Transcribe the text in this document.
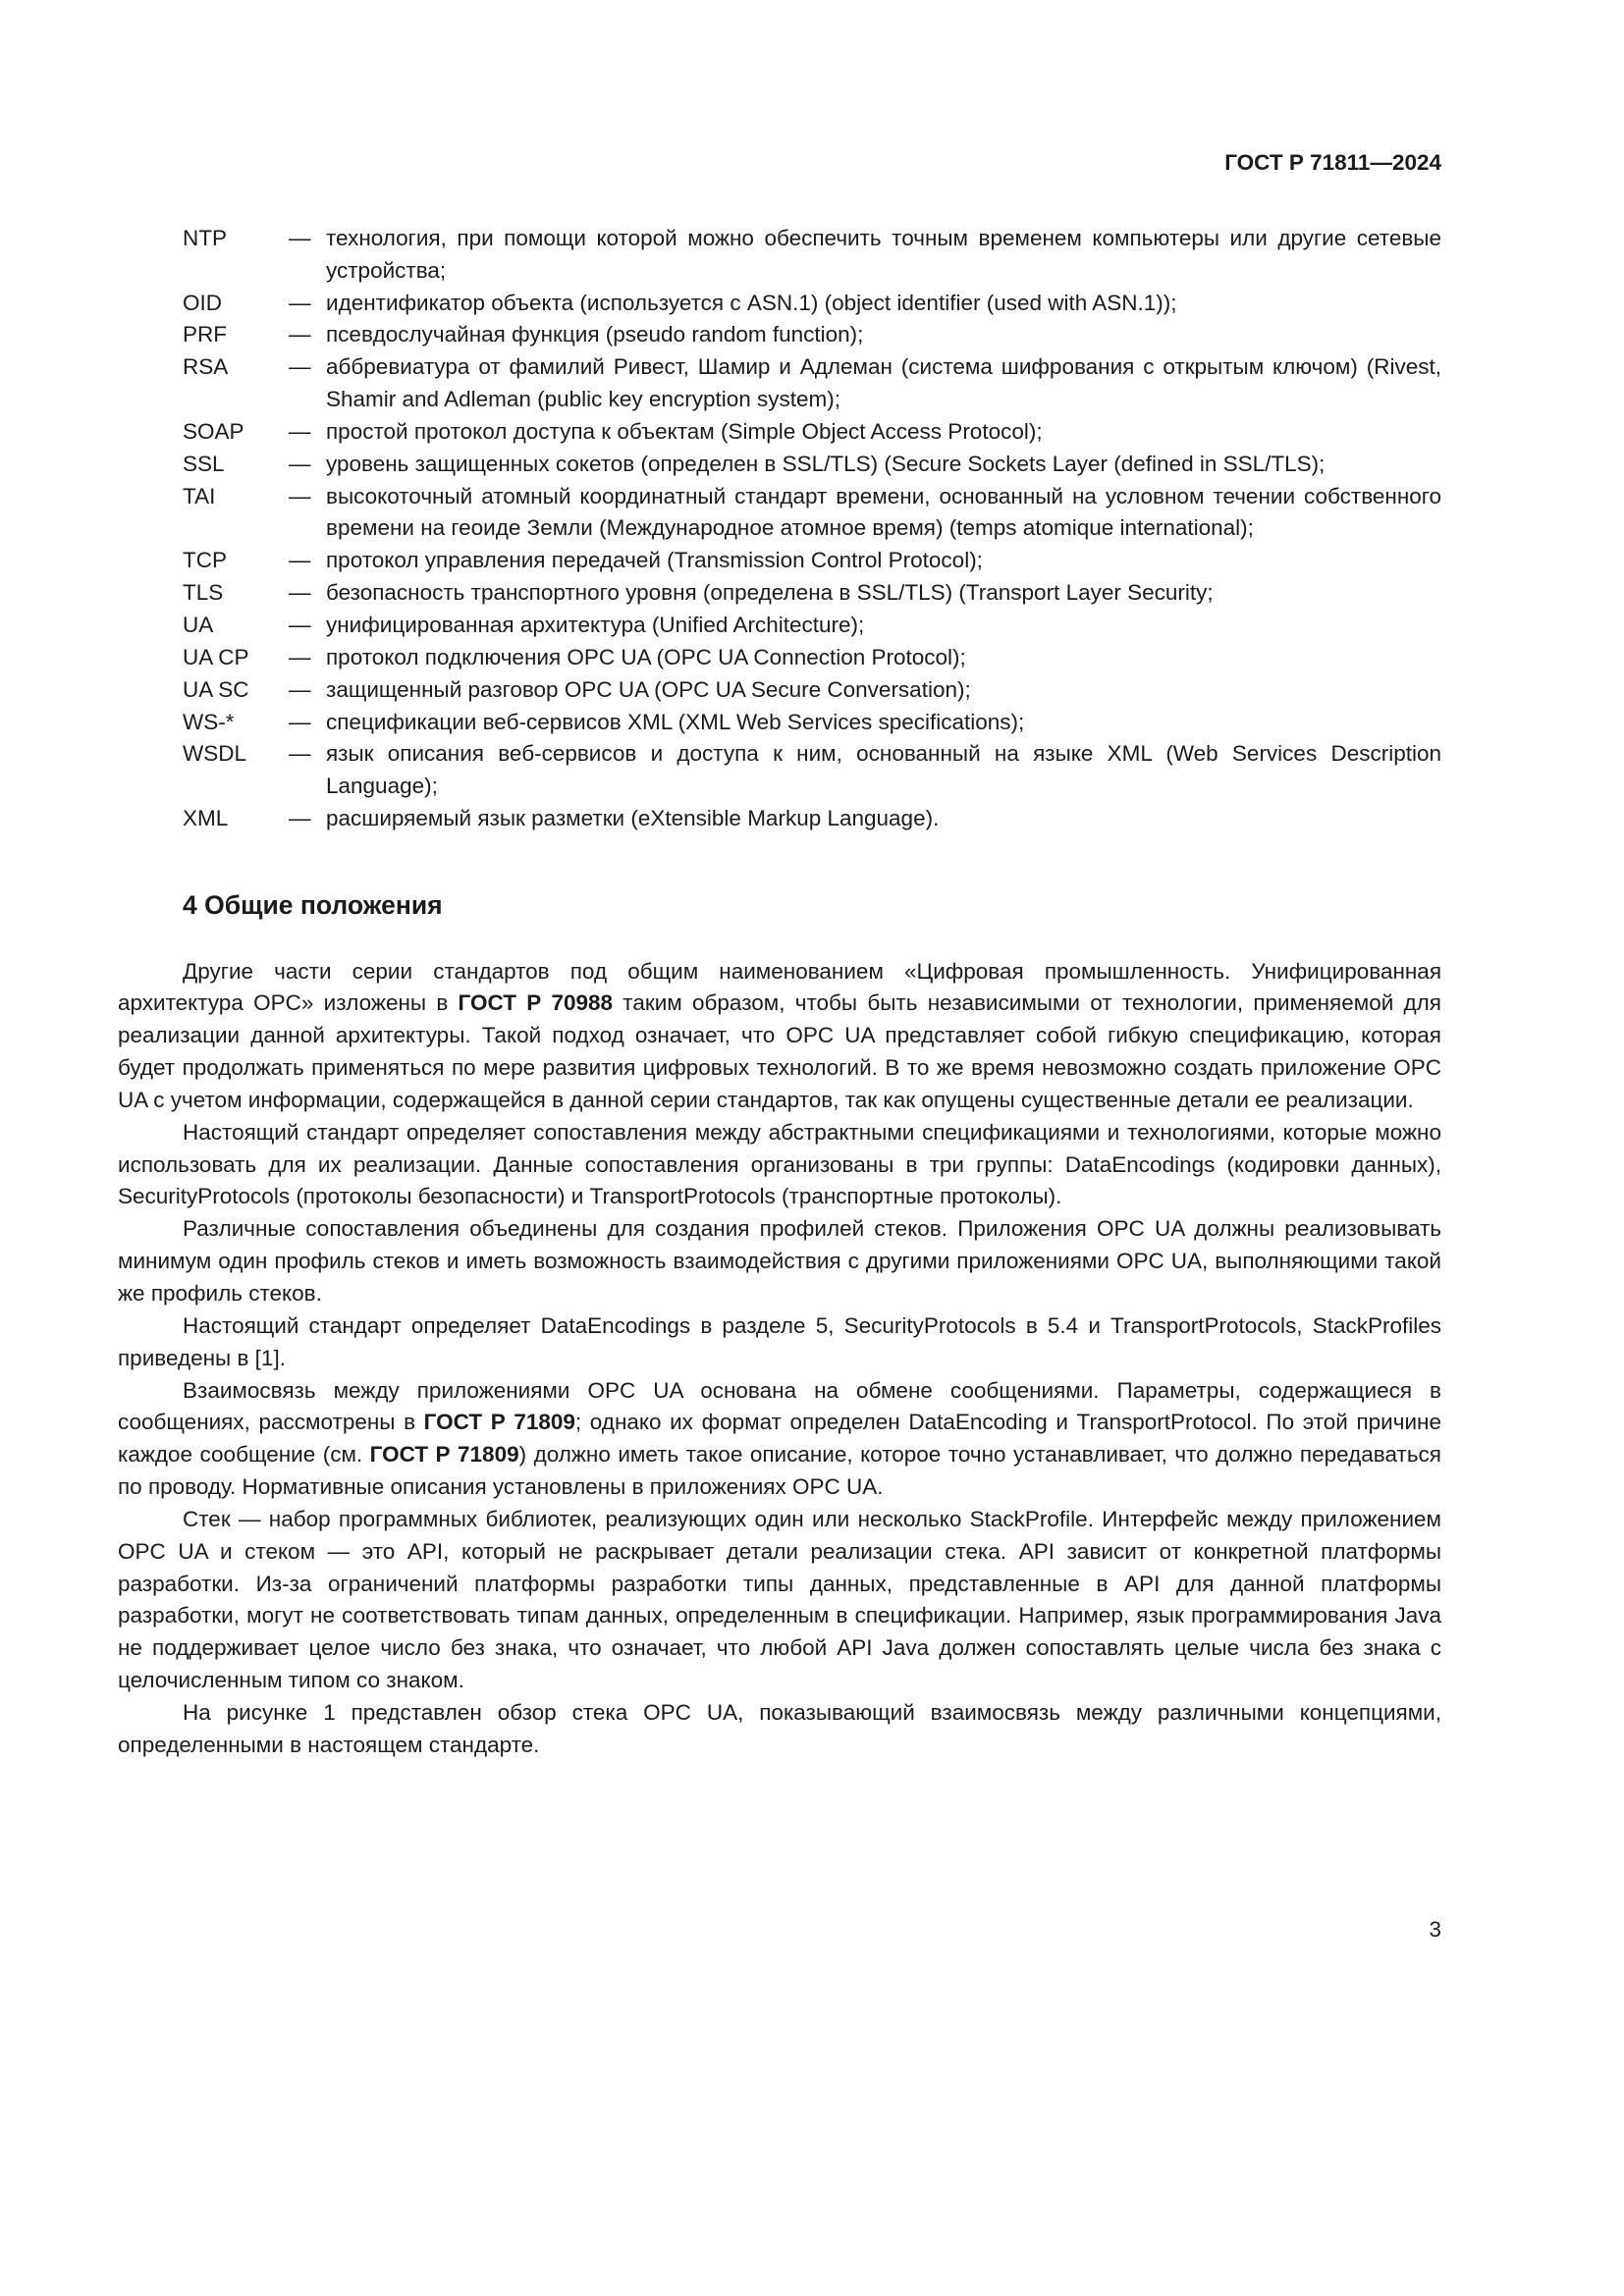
ГОСТ Р 71811—2024
NTP	— технология, при помощи которой можно обеспечить точным временем компьютеры или другие сетевые устройства;
OID	— идентификатор объекта (используется с ASN.1) (object identifier (used with ASN.1));
PRF	— псевдослучайная функция (pseudo random function);
RSA	— аббревиатура от фамилий Ривест, Шамир и Адлеман (система шифрования с открытым ключом) (Rivest, Shamir and Adleman (public key encryption system);
SOAP	— простой протокол доступа к объектам (Simple Object Access Protocol);
SSL	— уровень защищенных сокетов (определен в SSL/TLS) (Secure Sockets Layer (defined in SSL/TLS);
TAI	— высокоточный атомный координатный стандарт времени, основанный на условном течении собственного времени на геоиде Земли (Международное атомное время) (temps atomique international);
TCP	— протокол управления передачей (Transmission Control Protocol);
TLS	— безопасность транспортного уровня (определена в SSL/TLS) (Transport Layer Security;
UA	— унифицированная архитектура (Unified Architecture);
UA CP	— протокол подключения OPC UA (OPC UA Connection Protocol);
UA SC	— защищенный разговор OPC UA (OPC UA Secure Conversation);
WS-*	— спецификации веб-сервисов XML (XML Web Services specifications);
WSDL	— язык описания веб-сервисов и доступа к ним, основанный на языке XML (Web Services Description Language);
XML	— расширяемый язык разметки (eXtensible Markup Language).
4 Общие положения

Другие части серии стандартов под общим наименованием «Цифровая промышленность. Унифицированная архитектура OPC» изложены в ГОСТ Р 70988 таким образом, чтобы быть независимыми от технологии, применяемой для реализации данной архитектуры. Такой подход означает, что OPC UA представляет собой гибкую спецификацию, которая будет продолжать применяться по мере развития цифровых технологий. В то же время невозможно создать приложение OPC UA с учетом информации, содержащейся в данной серии стандартов, так как опущены существенные детали ее реализации.

Настоящий стандарт определяет сопоставления между абстрактными спецификациями и технологиями, которые можно использовать для их реализации. Данные сопоставления организованы в три группы: DataEncodings (кодировки данных), SecurityProtocols (протоколы безопасности) и TransportProtocols (транспортные протоколы).

Различные сопоставления объединены для создания профилей стеков. Приложения OPC UA должны реализовывать минимум один профиль стеков и иметь возможность взаимодействия с другими приложениями OPC UA, выполняющими такой же профиль стеков.

Настоящий стандарт определяет DataEncodings в разделе 5, SecurityProtocols в 5.4 и TransportProtocols, StackProfiles приведены в [1].

Взаимосвязь между приложениями OPC UA основана на обмене сообщениями. Параметры, содержащиеся в сообщениях, рассмотрены в ГОСТ Р 71809; однако их формат определен DataEncoding и TransportProtocol. По этой причине каждое сообщение (см. ГОСТ Р 71809) должно иметь такое описание, которое точно устанавливает, что должно передаваться по проводу. Нормативные описания установлены в приложениях OPC UA.

Стек — набор программных библиотек, реализующих один или несколько StackProfile. Интерфейс между приложением OPC UA и стеком — это API, который не раскрывает детали реализации стека. API зависит от конкретной платформы разработки. Из-за ограничений платформы разработки типы данных, представленные в API для данной платформы разработки, могут не соответствовать типам данных, определенным в спецификации. Например, язык программирования Java не поддерживает целое число без знака, что означает, что любой API Java должен сопоставлять целые числа без знака с целочисленным типом со знаком.

На рисунке 1 представлен обзор стека OPC UA, показывающий взаимосвязь между различными концепциями, определенными в настоящем стандарте.

3
